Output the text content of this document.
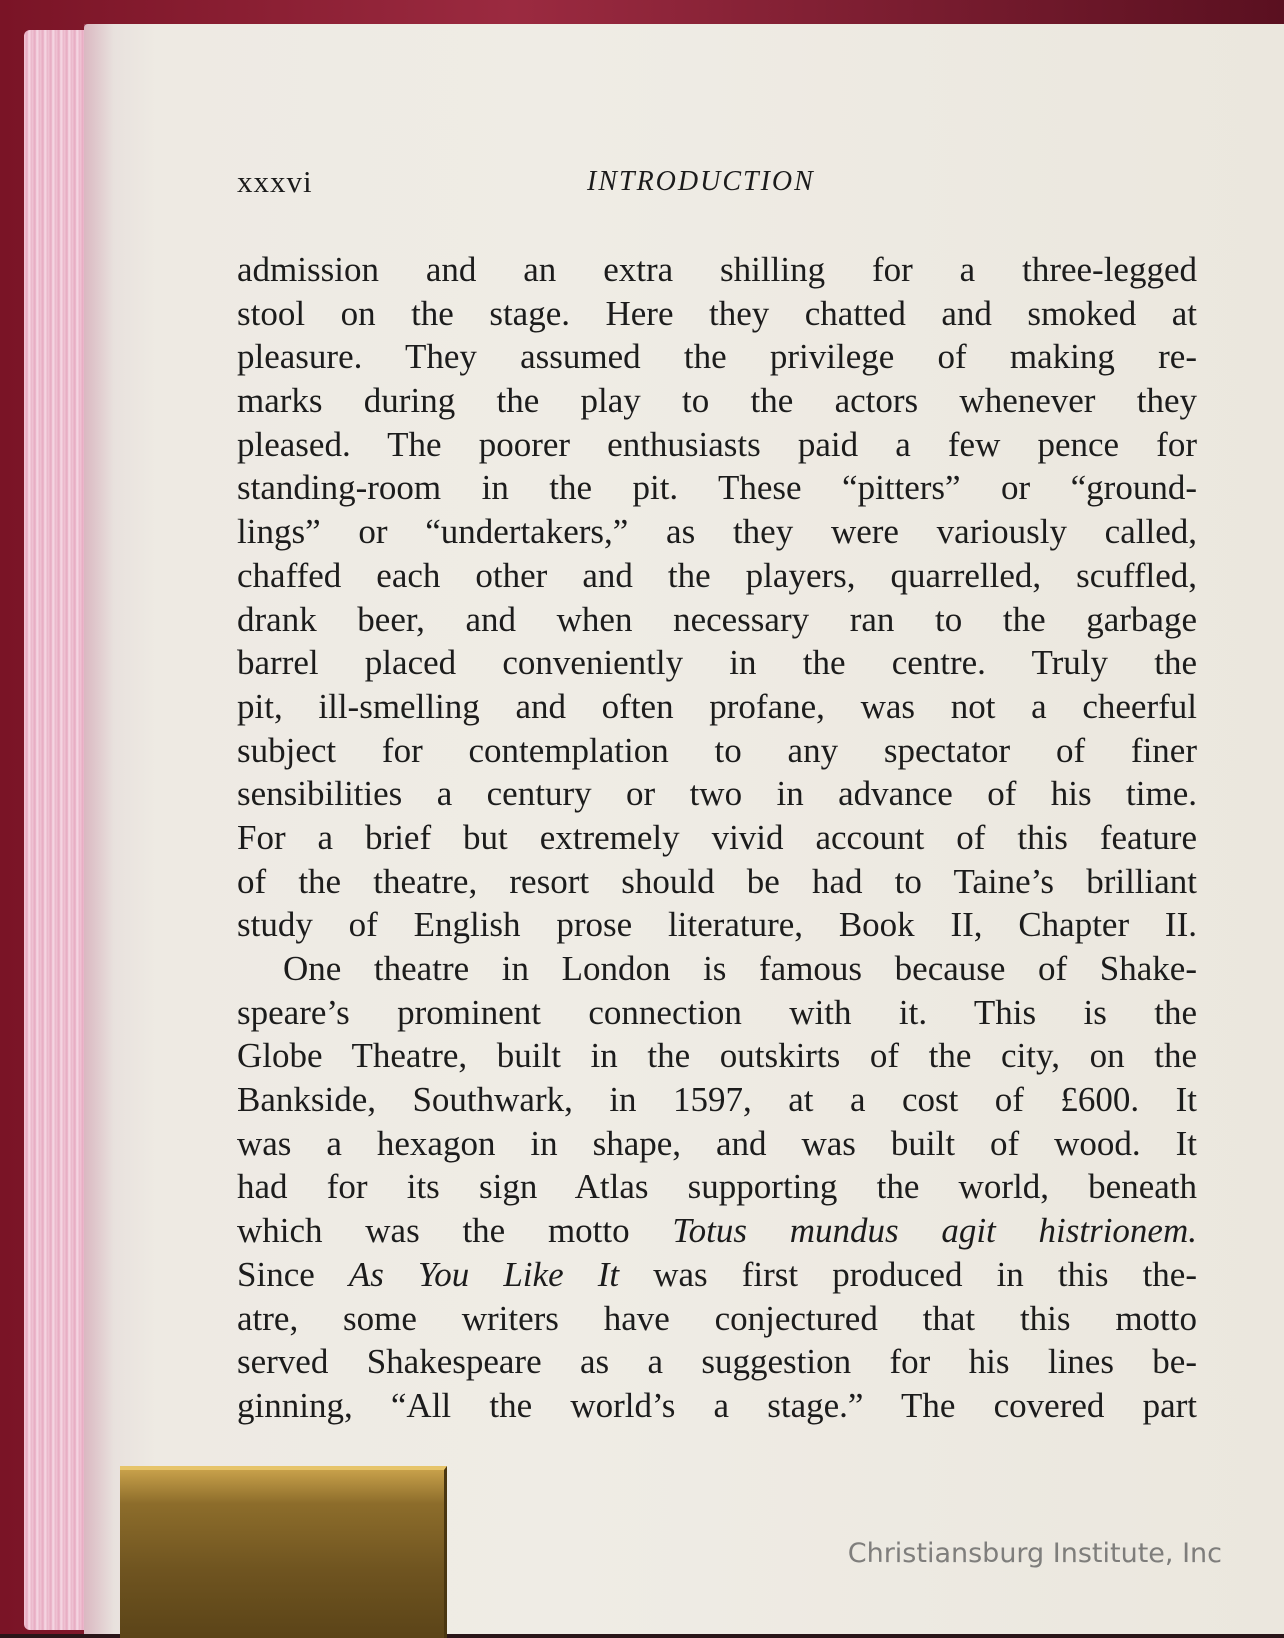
xxxvi	INTRODUCTION
admission and an extra shilling for a three-legged
stool on the stage. Here they chatted and smoked at
pleasure. They assumed the privilege of making re-
marks during the play to the actors whenever they
pleased. The poorer enthusiasts paid a few pence for
standing-room in the pit. These “pitters” or “ground-
lings” or “undertakers,” as they were variously called,
chaffed each other and the players, quarrelled, scuffled,
drank beer, and when necessary ran to the garbage
barrel placed conveniently in the centre. Truly the
pit, ill-smelling and often profane, was not a cheerful
subject for contemplation to any spectator of finer
sensibilities a century or two in advance of his time.
For a brief but extremely vivid account of this feature
of the theatre, resort should be had to Taine’s brilliant
study of English prose literature, Book II, Chapter II.
One theatre in London is famous because of Shake-
speare’s prominent connection with it. This is the
Globe Theatre, built in the outskirts of the city, on the
Bankside, Southwark, in 1597, at a cost of £600. It
was a hexagon in shape, and was built of wood. It
had for its sign Atlas supporting the world, beneath
which was the motto Totus mundus agit histrionem.
Since As You Like It was first produced in this the-
atre, some writers have conjectured that this motto
served Shakespeare as a suggestion for his lines be-
ginning, “All the world’s a stage.” The covered part
Christiansburg Institute, Inc
